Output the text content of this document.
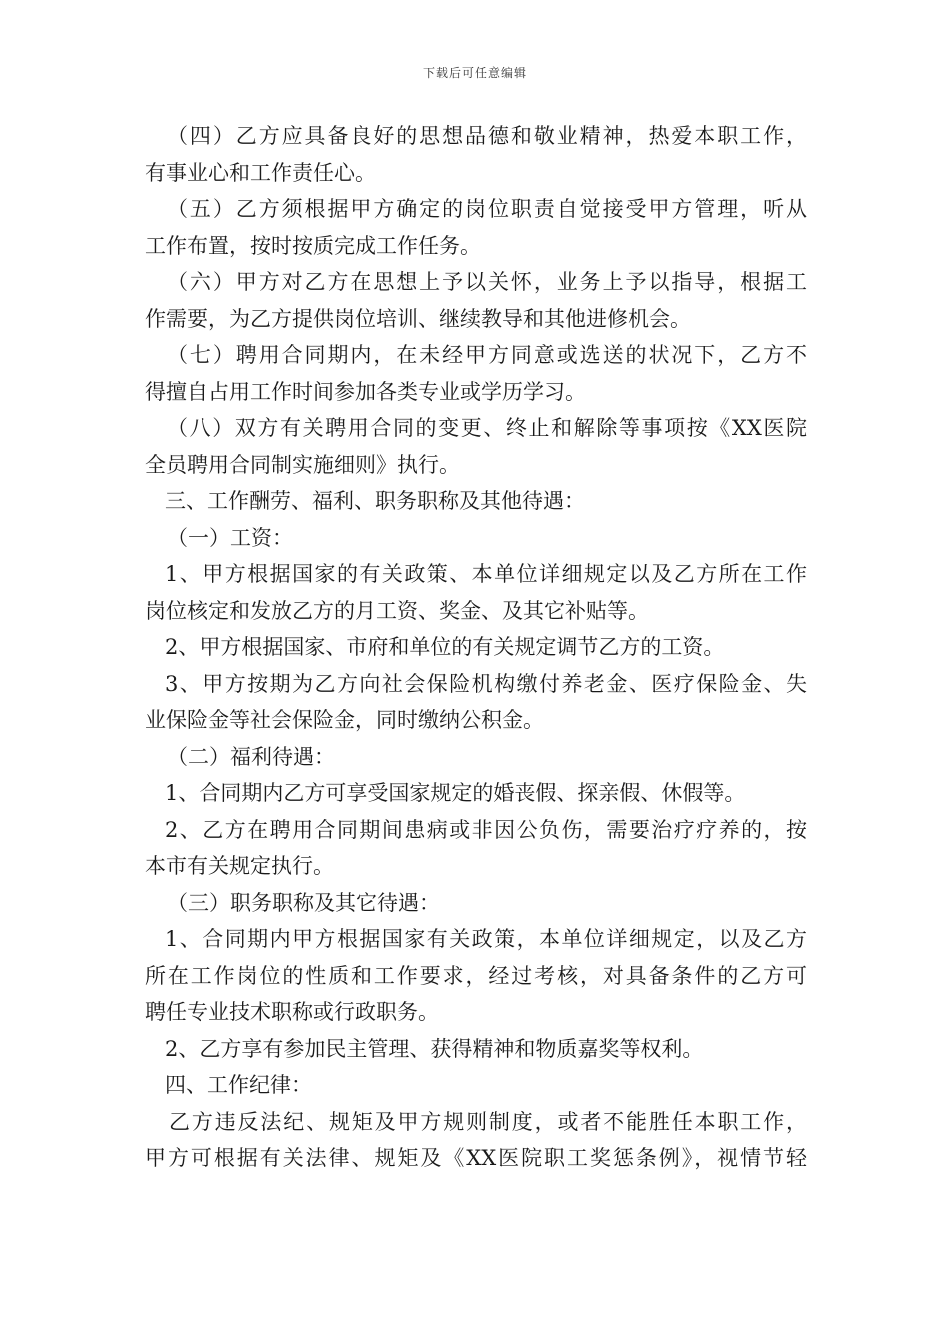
下载后可任意编辑
（四）乙方应具备良好的思想品德和敬业精神，热爱本职工作，
有事业心和工作责任心。
（五）乙方须根据甲方确定的岗位职责自觉接受甲方管理，听从
工作布置，按时按质完成工作任务。
（六）甲方对乙方在思想上予以关怀，业务上予以指导，根据工
作需要，为乙方提供岗位培训、继续教导和其他进修机会。
（七）聘用合同期内，在未经甲方同意或选送的状况下，乙方不
得擅自占用工作时间参加各类专业或学历学习。
（八）双方有关聘用合同的变更、终止和解除等事项按《XX医院
全员聘用合同制实施细则》执行。
三、工作酬劳、福利、职务职称及其他待遇：
（一）工资：
1、甲方根据国家的有关政策、本单位详细规定以及乙方所在工作
岗位核定和发放乙方的月工资、奖金、及其它补贴等。
2、甲方根据国家、市府和单位的有关规定调节乙方的工资。
3、甲方按期为乙方向社会保险机构缴付养老金、医疗保险金、失
业保险金等社会保险金，同时缴纳公积金。
（二）福利待遇：
1、合同期内乙方可享受国家规定的婚丧假、探亲假、休假等。
2、乙方在聘用合同期间患病或非因公负伤，需要治疗疗养的，按
本市有关规定执行。
（三）职务职称及其它待遇：
1、合同期内甲方根据国家有关政策，本单位详细规定，以及乙方
所在工作岗位的性质和工作要求，经过考核，对具备条件的乙方可
聘任专业技术职称或行政职务。
2、乙方享有参加民主管理、获得精神和物质嘉奖等权利。
四、工作纪律：
乙方违反法纪、规矩及甲方规则制度，或者不能胜任本职工作，
甲方可根据有关法律、规矩及《XX医院职工奖惩条例》，视情节轻
